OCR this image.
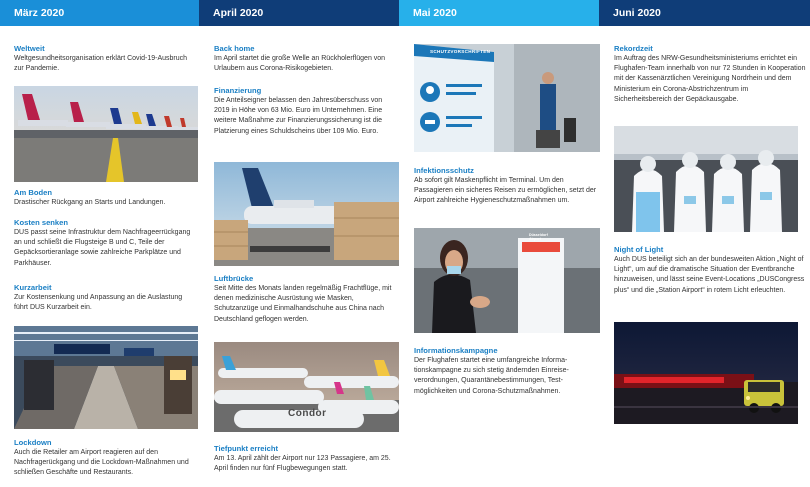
März 2020	April 2020	Mai 2020	Juni 2020
Weltweit
Weltgesundheitsorganisation erklärt Covid-19-Ausbruch zur Pandemie.
Am Boden
Drastischer Rückgang an Starts und Landungen.
Kosten senken
DUS passt seine Infrastruktur dem Nachfrageerrückgang an und schließt die Flugsteige B und C, Teile der Gepäcksortieranlage sowie zahlreiche Parkplätze und Parkhäuser.
Kurzarbeit
Zur Kostensenkung und Anpassung an die Auslastung führt DUS Kurzarbeit ein.
Lockdown
Auch die Retailer am Airport reagieren auf den Nachfragerückgang und die Lockdown-Maßnahmen und schließen Geschäfte und Restaurants.
Back home
Im April startet die große Welle an Rückholerflügen von Urlaubern aus Corona-Risikogebieten.
Finanzierung
Die Anteilseigner belassen den Jahresüberschuss von 2019 in Höhe von 63 Mio. Euro im Unternehmen. Eine weitere Maßnahme zur Finanzierungssicherung ist die Platzierung eines Schuldscheins über 109 Mio. Euro.
Luftbrücke
Seit Mitte des Monats landen regelmäßig Frachtflüge, mit denen medizinische Ausrüstung wie Masken, Schutzanzüge und Einmalhandschuhe aus China nach Deutschland geflogen werden.
Condor
Tiefpunkt erreicht
Am 13. April zählt der Airport nur 123 Passagiere, am 25. April finden nur fünf Flugbewegungen statt.
SCHUTZVORSCHRIFTEN
Infektionsschutz
Ab sofort gilt Maskenpflicht im Terminal. Um den Passagieren ein sicheres Reisen zu ermöglichen, setzt der Airport zahlreiche Hygieneschutzmaßnahmen um.
Düsseldorf Airport
Informationskampagne
Der Flughafen startet eine umfangreiche Informationskampagne zu sich stetig ändernden Einreiseverordnungen, Quarantänebestimmungen, Testmöglichkeiten und Corona-Schutzmaßnahmen.
Rekordzeit
Im Auftrag des NRW-Gesundheitsministeriums errichtet ein Flughafen-Team innerhalb von nur 72 Stunden in Kooperation mit der Kassenärztlichen Vereinigung Nordrhein und dem Ministerium ein Corona-Abstrichzentrum im Sicherheitsbereich der Gepäckausgabe.
Night of Light
Auch DUS beteiligt sich an der bundesweiten Aktion „Night of Light“, um auf die dramatische Situation der Eventbranche hinzuweisen, und lässt seine Event-Locations „DUSCongress plus“ und die „Station Airport“ in rotem Licht erleuchten.
